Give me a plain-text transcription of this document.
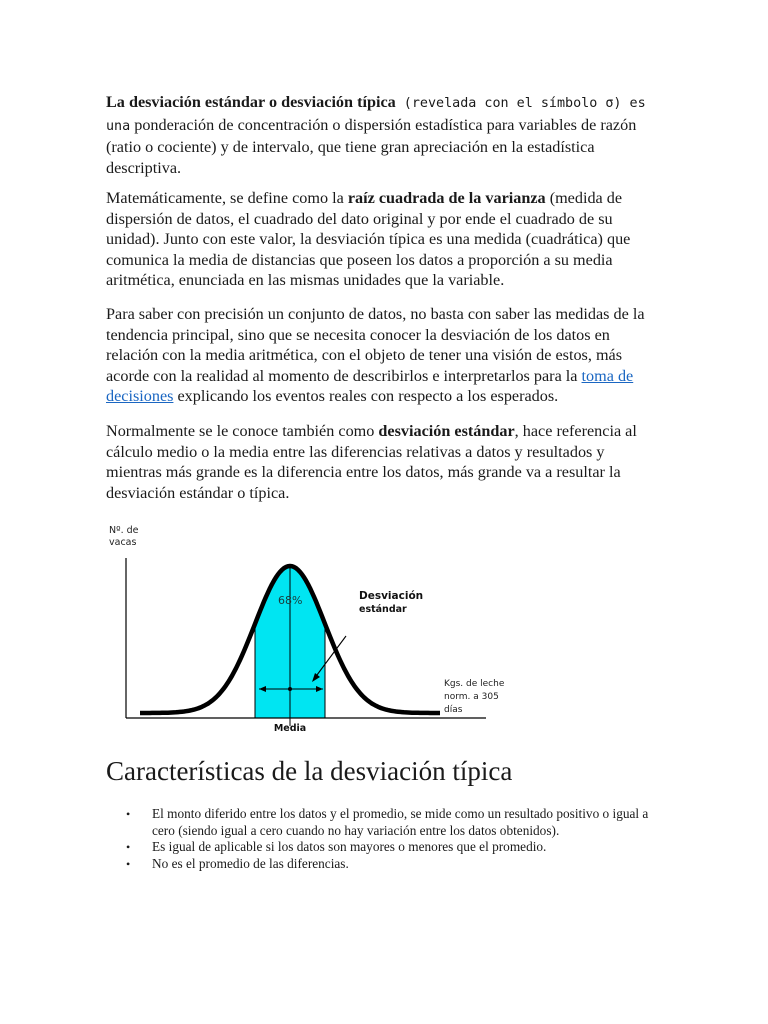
La desviación estándar o desviación típica (revelada con el símbolo σ) es una ponderación de concentración o dispersión estadística para variables de razón (ratio o cociente) y de intervalo, que tiene gran apreciación en la estadística descriptiva.

Matemáticamente, se define como la raíz cuadrada de la varianza (medida de dispersión de datos, el cuadrado del dato original y por ende el cuadrado de su unidad). Junto con este valor, la desviación típica es una medida (cuadrática) que comunica la media de distancias que poseen los datos a proporción a su media aritmética, enunciada en las mismas unidades que la variable.

Para saber con precisión un conjunto de datos, no basta con saber las medidas de la tendencia principal, sino que se necesita conocer la desviación de los datos en relación con la media aritmética, con el objeto de tener una visión de estos, más acorde con la realidad al momento de describirlos e interpretarlos para la toma de decisiones explicando los eventos reales con respecto a los esperados.

Normalmente se le conoce también como desviación estándar, hace referencia al cálculo medio o la media entre las diferencias relativas a datos y resultados y mientras más grande es la diferencia entre los datos, más grande va a resultar la desviación estándar o típica.

Nº. de
vacas
68%	Desviación
estándar
Kgs. de leche
norm. a 305
días
Media
Características de la desviación típica
• El monto diferido entre los datos y el promedio, se mide como un resultado positivo o igual a cero (siendo igual a cero cuando no hay variación entre los datos obtenidos).
• Es igual de aplicable si los datos son mayores o menores que el promedio.
• No es el promedio de las diferencias.
